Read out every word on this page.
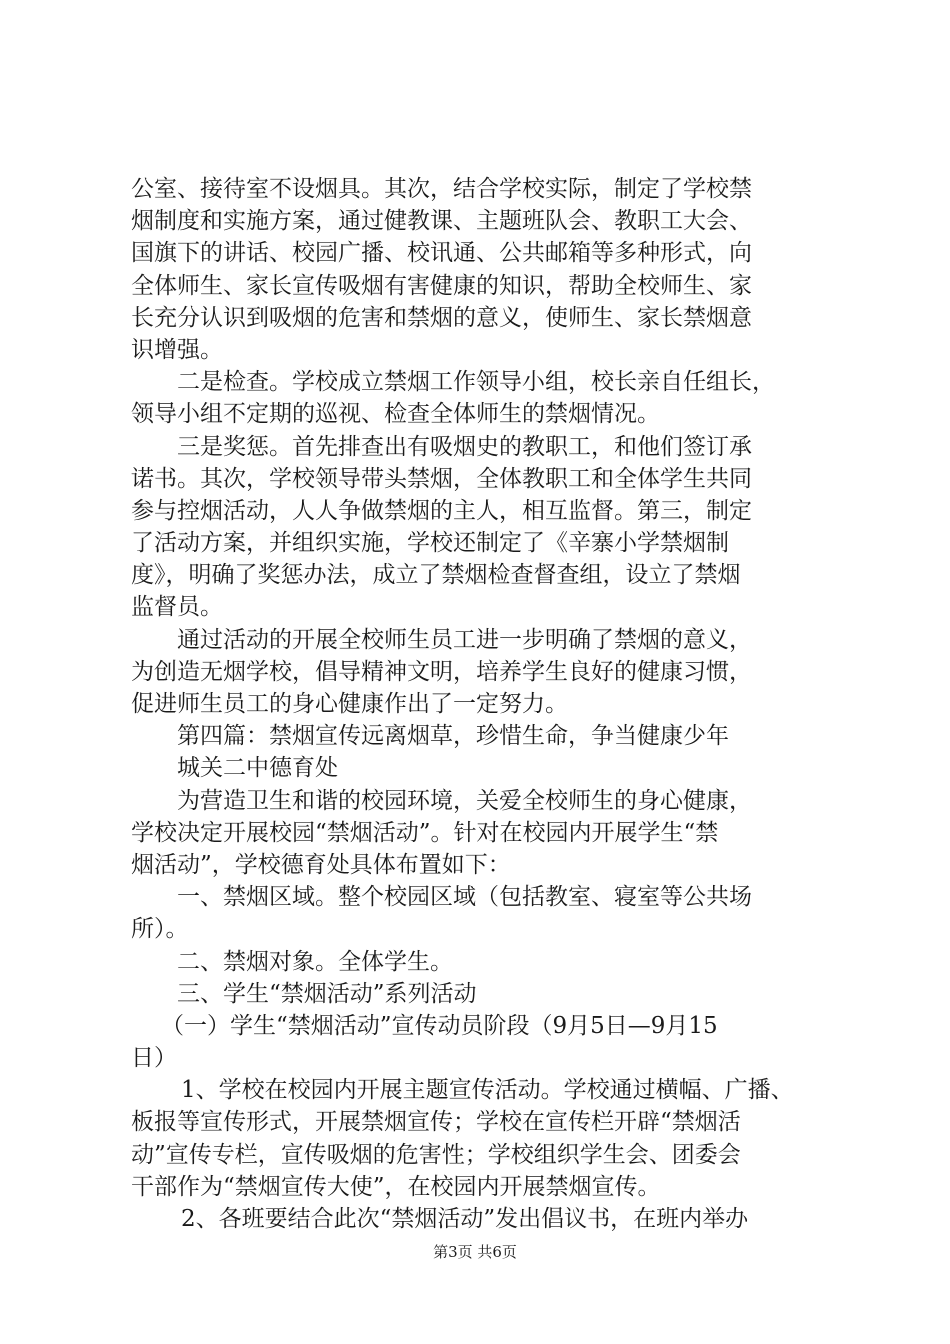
公室、接待室不设烟具。其次，结合学校实际，制定了学校禁
烟制度和实施方案，通过健教课、主题班队会、教职工大会、
国旗下的讲话、校园广播、校讯通、公共邮箱等多种形式，向
全体师生、家长宣传吸烟有害健康的知识，帮助全校师生、家
长充分认识到吸烟的危害和禁烟的意义，使师生、家长禁烟意
识增强。
二是检查。学校成立禁烟工作领导小组，校长亲自任组长，
领导小组不定期的巡视、检查全体师生的禁烟情况。
三是奖惩。首先排查出有吸烟史的教职工，和他们签订承
诺书。其次，学校领导带头禁烟，全体教职工和全体学生共同
参与控烟活动，人人争做禁烟的主人，相互监督。第三，制定
了活动方案，并组织实施，学校还制定了《辛寨小学禁烟制
度》，明确了奖惩办法，成立了禁烟检查督查组，设立了禁烟
监督员。
通过活动的开展全校师生员工进一步明确了禁烟的意义，
为创造无烟学校，倡导精神文明，培养学生良好的健康习惯，
促进师生员工的身心健康作出了一定努力。
第四篇：禁烟宣传远离烟草，珍惜生命，争当健康少年
城关二中德育处
为营造卫生和谐的校园环境，关爱全校师生的身心健康，
学校决定开展校园“禁烟活动”。针对在校园内开展学生“禁
烟活动”，学校德育处具体布置如下：
一、禁烟区域。整个校园区域（包括教室、寝室等公共场
所）。
二、禁烟对象。全体学生。
三、学生“禁烟活动”系列活动
（一）学生“禁烟活动”宣传动员阶段（9月5日—9月15
日）
1、学校在校园内开展主题宣传活动。学校通过横幅、广播、
板报等宣传形式，开展禁烟宣传；学校在宣传栏开辟“禁烟活
动”宣传专栏，宣传吸烟的危害性；学校组织学生会、团委会
干部作为“禁烟宣传大使”，在校园内开展禁烟宣传。
2、各班要结合此次“禁烟活动”发出倡议书，在班内举办
第3页 共6页
